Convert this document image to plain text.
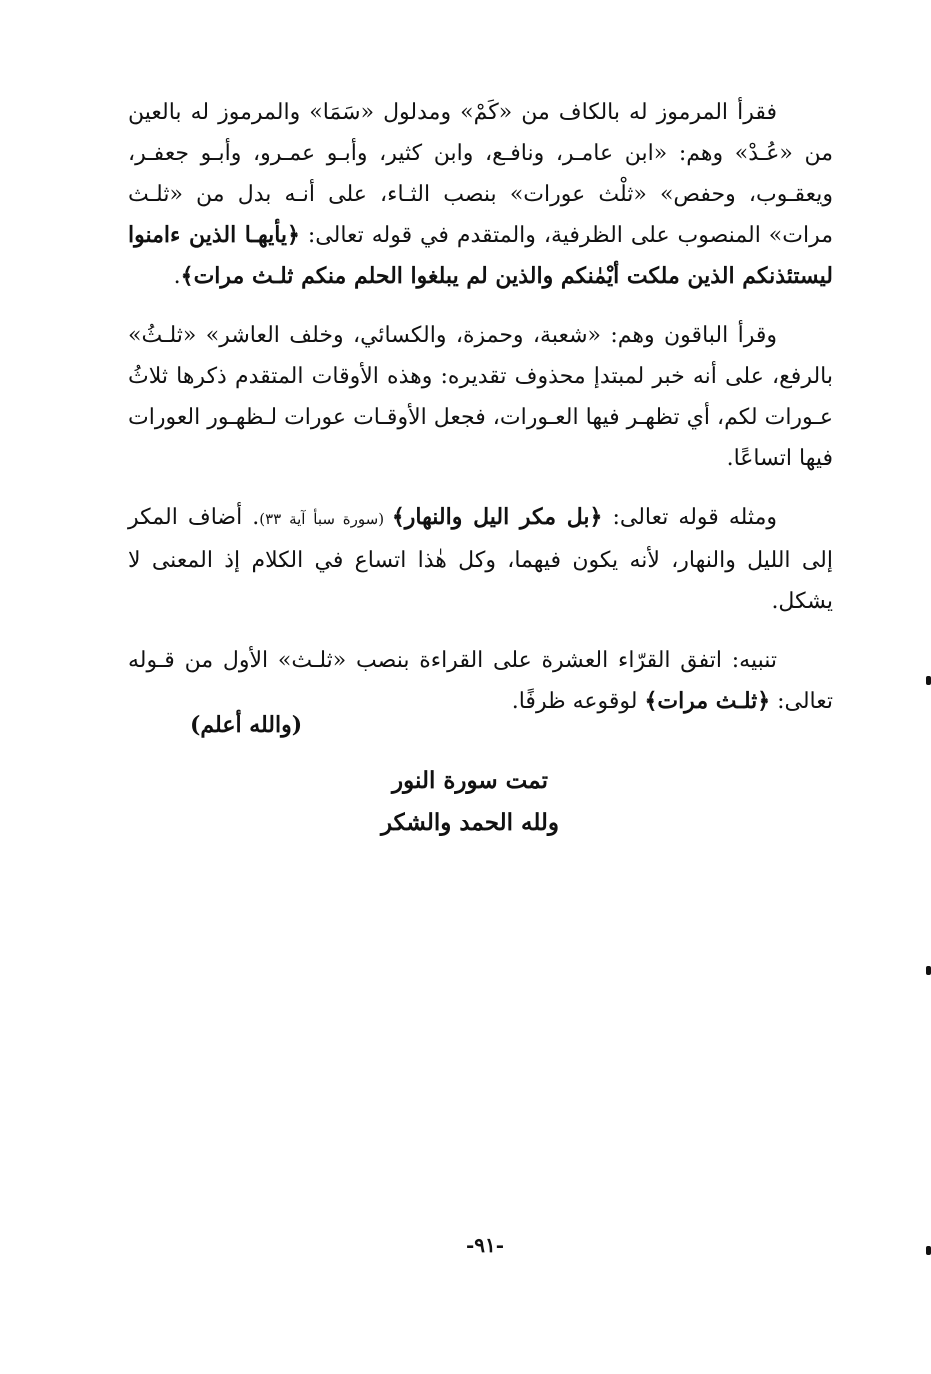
فقرأ المرموز له بالكاف من «كَمْ» ومدلول «سَمَا» والمرموز له بالعين من «عُـدْ» وهم: «ابن عامـر، ونافـع، وابن كثير، وأبـو عمـرو، وأبـو جعفـر، ويعقـوب، وحفص» «ثلْث عورات» بنصب الثـاء، على أنـه بدل من «ثلـث مرات» المنصوب على الظرفية، والمتقدم في قوله تعالى: ﴿يأيهـا الذين ءامنوا ليستئذنكم الذين ملكت أيْمٰنكم والذين لم يبلغوا الحلم منكم ثلـث مرات﴾.

وقرأ الباقون وهم: «شعبة، وحمزة، والكسائي، وخلف العاشر» «ثلـثُ» بالرفع، على أنه خبر لمبتدإ محذوف تقديره: وهذه الأوقات المتقدم ذكرها ثلاثُ عـورات لكم، أي تظهـر فيها العـورات، فجعل الأوقـات عورات لـظهـور العورات فيها اتساعًا.

ومثله قوله تعالى: ﴿بل مكر اليل والنهار﴾ (سورة سبأ آية ٣٣). أضاف المكر إلى الليل والنهار، لأنه يكون فيهما، وكل هٰذا اتساع في الكلام إذ المعنى لا يشكل.

تنبيه: اتفق القرّاء العشرة على القراءة بنصب «ثلـث» الأول من قـوله تعالى: ﴿ثلـث مرات﴾ لوقوعه ظرفًا.

(والله أعلم)
تمت سورة النور
ولله الحمد والشكر
-٩١-
